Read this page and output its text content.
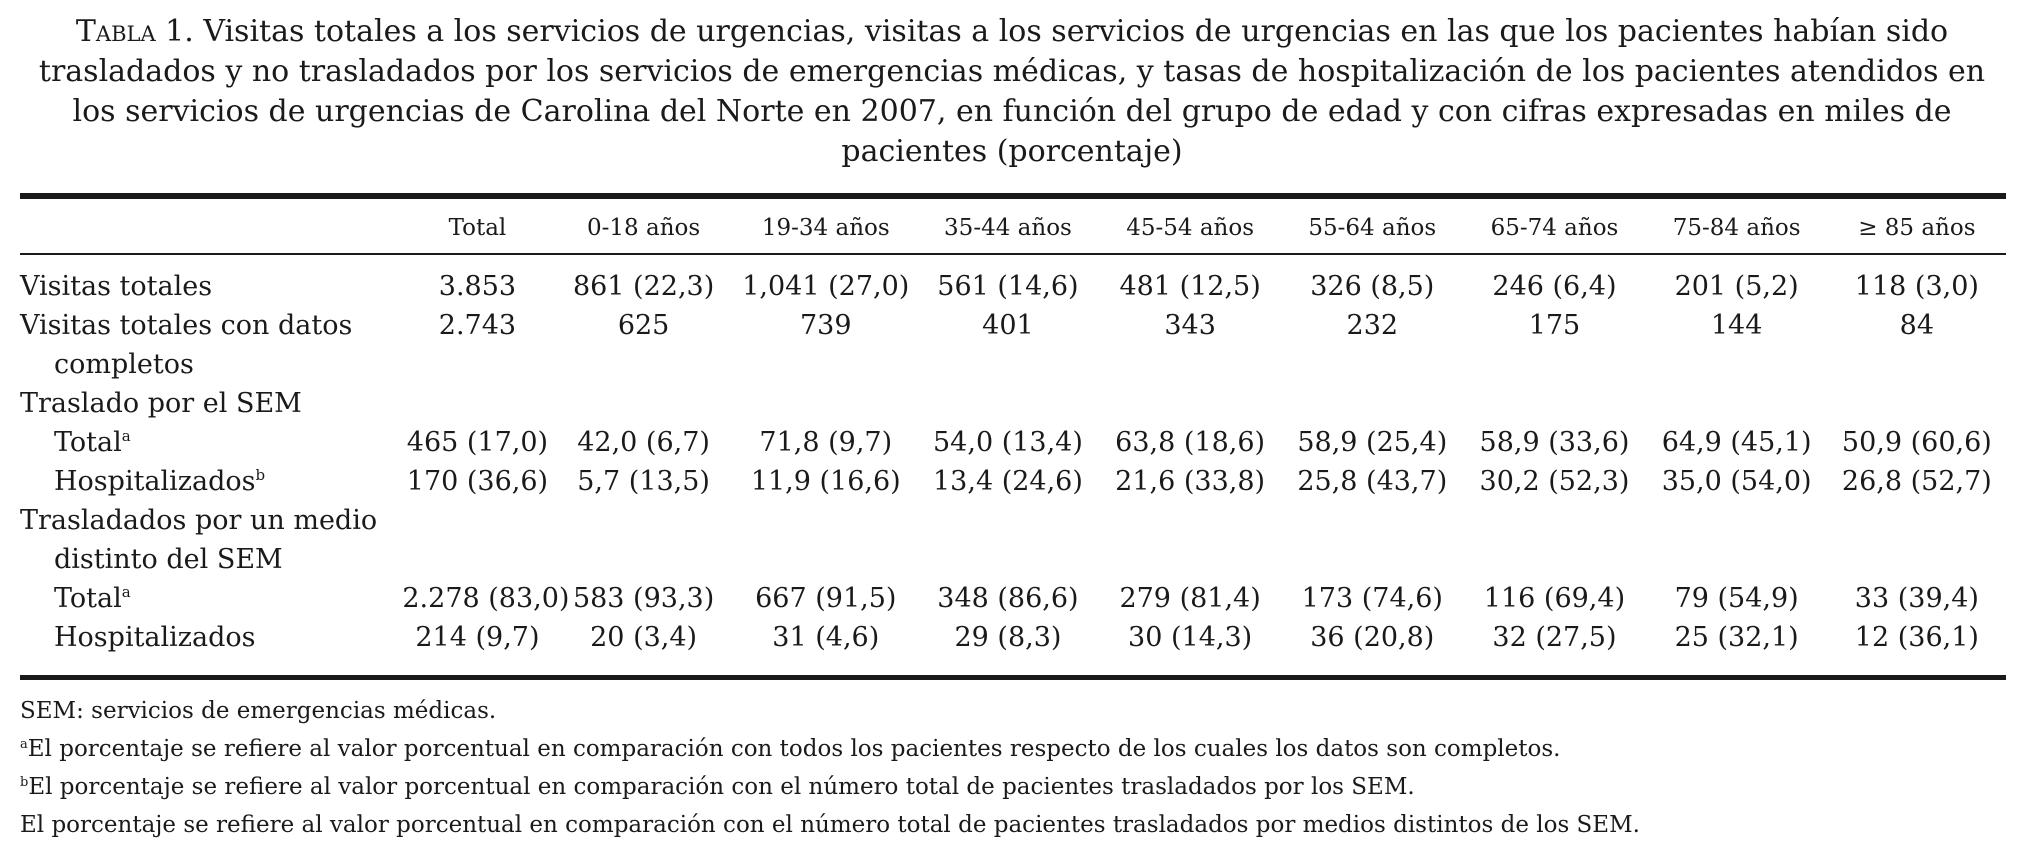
Tabla 1. Visitas totales a los servicios de urgencias, visitas a los servicios de urgencias en las que los pacientes habían sido trasladados y no trasladados por los servicios de emergencias médicas, y tasas de hospitalización de los pacientes atendidos en los servicios de urgencias de Carolina del Norte en 2007, en función del grupo de edad y con cifras expresadas en miles de pacientes (porcentaje)
	Total	0-18 años	19-34 años	35-44 años	45-54 años	55-64 años	65-74 años	75-84 años	≥ 85 años

Visitas totales	3.853	861 (22,3)	1,041 (27,0)	561 (14,6)	481 (12,5)	326 (8,5)	246 (6,4)	201 (5,2)	118 (3,0)
Visitas totales con datos
completos	2.743	625	739	401	343	232	175	144	84
Traslado por el SEM									
Total$^a$	465 (17,0)	42,0 (6,7)	71,8 (9,7)	54,0 (13,4)	63,8 (18,6)	58,9 (25,4)	58,9 (33,6)	64,9 (45,1)	50,9 (60,6)
Hospitalizados$^b$	170 (36,6)	5,7 (13,5)	11,9 (16,6)	13,4 (24,6)	21,6 (33,8)	25,8 (43,7)	30,2 (52,3)	35,0 (54,0)	26,8 (52,7)
Trasladados por un medio
distinto del SEM									

Total$^a$	2.278 (83,0)	583 (93,3)	667 (91,5)	348 (86,6)	279 (81,4)	173 (74,6)	116 (69,4)	79 (54,9)	33 (39,4)
Hospitalizados	214 (9,7)	20 (3,4)	31 (4,6)	29 (8,3)	30 (14,3)	36 (20,8)	32 (27,5)	25 (32,1)	12 (36,1)
SEM: servicios de emergencias médicas.
$^a$El porcentaje se refiere al valor porcentual en comparación con todos los pacientes respecto de los cuales los datos son completos.
$^b$El porcentaje se refiere al valor porcentual en comparación con el número total de pacientes trasladados por los SEM.
El porcentaje se refiere al valor porcentual en comparación con el número total de pacientes trasladados por medios distintos de los SEM.
